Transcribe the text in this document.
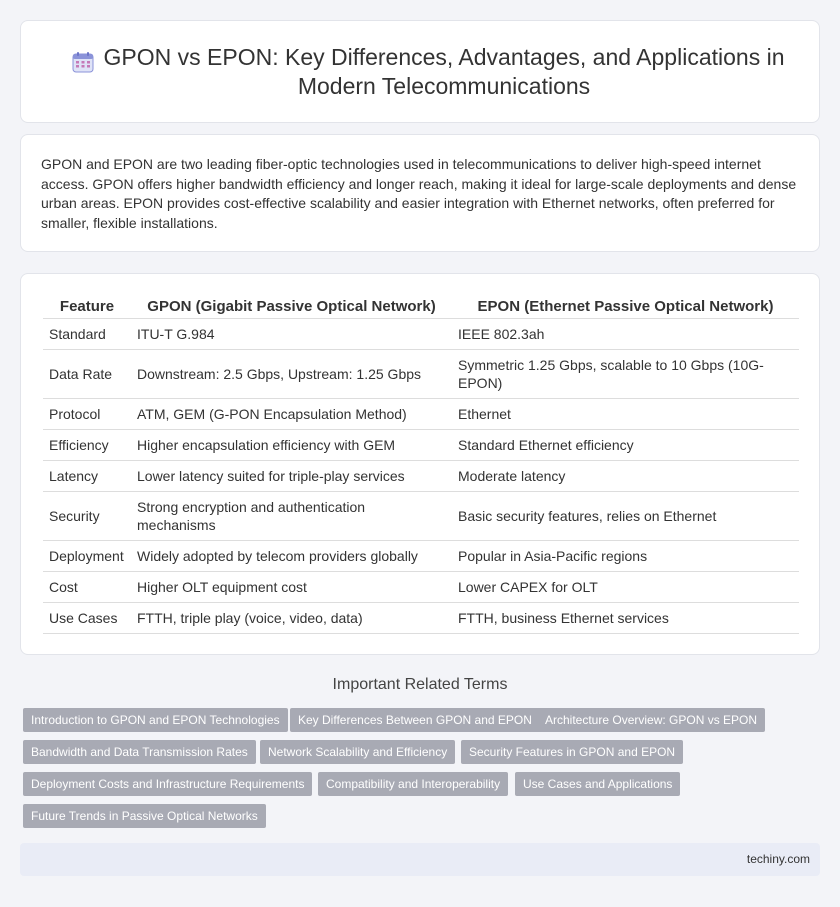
GPON vs EPON: Key Differences, Advantages, and Applications in Modern Telecommunications

GPON and EPON are two leading fiber-optic technologies used in telecommunications to deliver high-speed internet access. GPON offers higher bandwidth efficiency and longer reach, making it ideal for large-scale deployments and dense urban areas. EPON provides cost-effective scalability and easier integration with Ethernet networks, often preferred for smaller, flexible installations.

Feature	GPON (Gigabit Passive Optical Network)	EPON (Ethernet Passive Optical Network)
Standard	ITU-T G.984	IEEE 802.3ah
Data Rate	Downstream: 2.5 Gbps, Upstream: 1.25 Gbps	Symmetric 1.25 Gbps, scalable to 10 Gbps (10G-EPON)
Protocol	ATM, GEM (G-PON Encapsulation Method)	Ethernet
Efficiency	Higher encapsulation efficiency with GEM	Standard Ethernet efficiency
Latency	Lower latency suited for triple-play services	Moderate latency
Security	Strong encryption and authentication mechanisms	Basic security features, relies on Ethernet
Deployment	Widely adopted by telecom providers globally	Popular in Asia-Pacific regions
Cost	Higher OLT equipment cost	Lower CAPEX for OLT
Use Cases	FTTH, triple play (voice, video, data)	FTTH, business Ethernet services
Important Related Terms
Introduction to GPON and EPON Technologies	Key Differences Between GPON and EPON	Architecture Overview: GPON vs EPON
Bandwidth and Data Transmission Rates	Network Scalability and Efficiency	Security Features in GPON and EPON
Deployment Costs and Infrastructure Requirements	Compatibility and Interoperability	Use Cases and Applications
Future Trends in Passive Optical Networks
techiny.com
